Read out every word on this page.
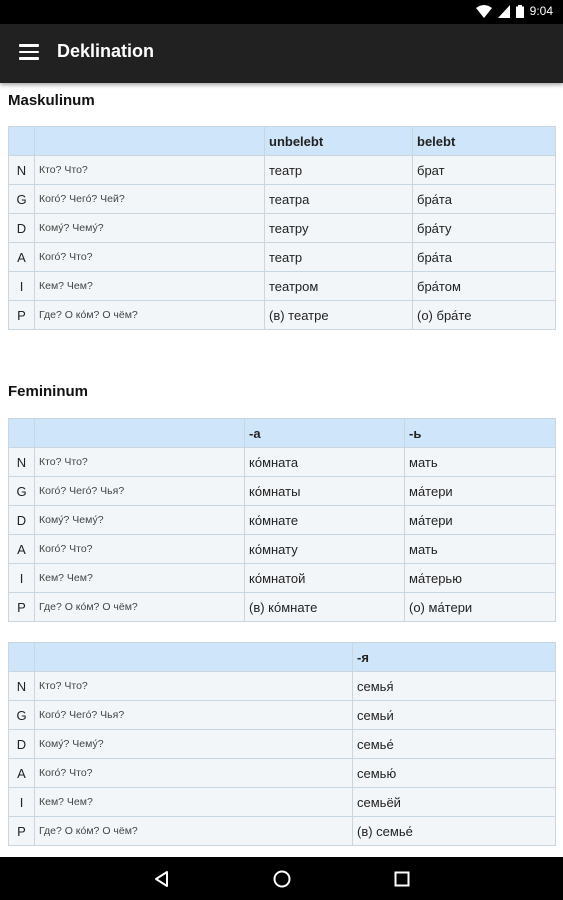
9:04
Deklination
Maskulinum
		unbelebt	belebt
N	Кто? Что?	театр	брат
G	Кого́? Чего́? Чей?	театра	бра́та
D	Кому́? Чему́?	театру	бра́ту
A	Кого́? Что?	театр	бра́та
I	Кем? Чем?	театром	бра́том
P	Где? О ко́м? О чём?	(в) театре	(о) бра́те
Femininum
		-а	-ь
N	Кто? Что?	ко́мната	мать
G	Кого́? Чего́? Чья?	ко́мнаты	ма́тери
D	Кому́? Чему́?	ко́мнате	ма́тери
A	Кого́? Что?	ко́мнату	мать
I	Кем? Чем?	ко́мнатой	ма́терью
P	Где? О ко́м? О чём?	(в) ко́мнате	(о) ма́тери
		-я
N	Кто? Что?	семья́
G	Кого́? Чего́? Чья?	семьи́
D	Кому́? Чему́?	семье́
A	Кого́? Что?	семью́
I	Кем? Чем?	семьёй
P	Где? О ко́м? О чём?	(в) семье́
